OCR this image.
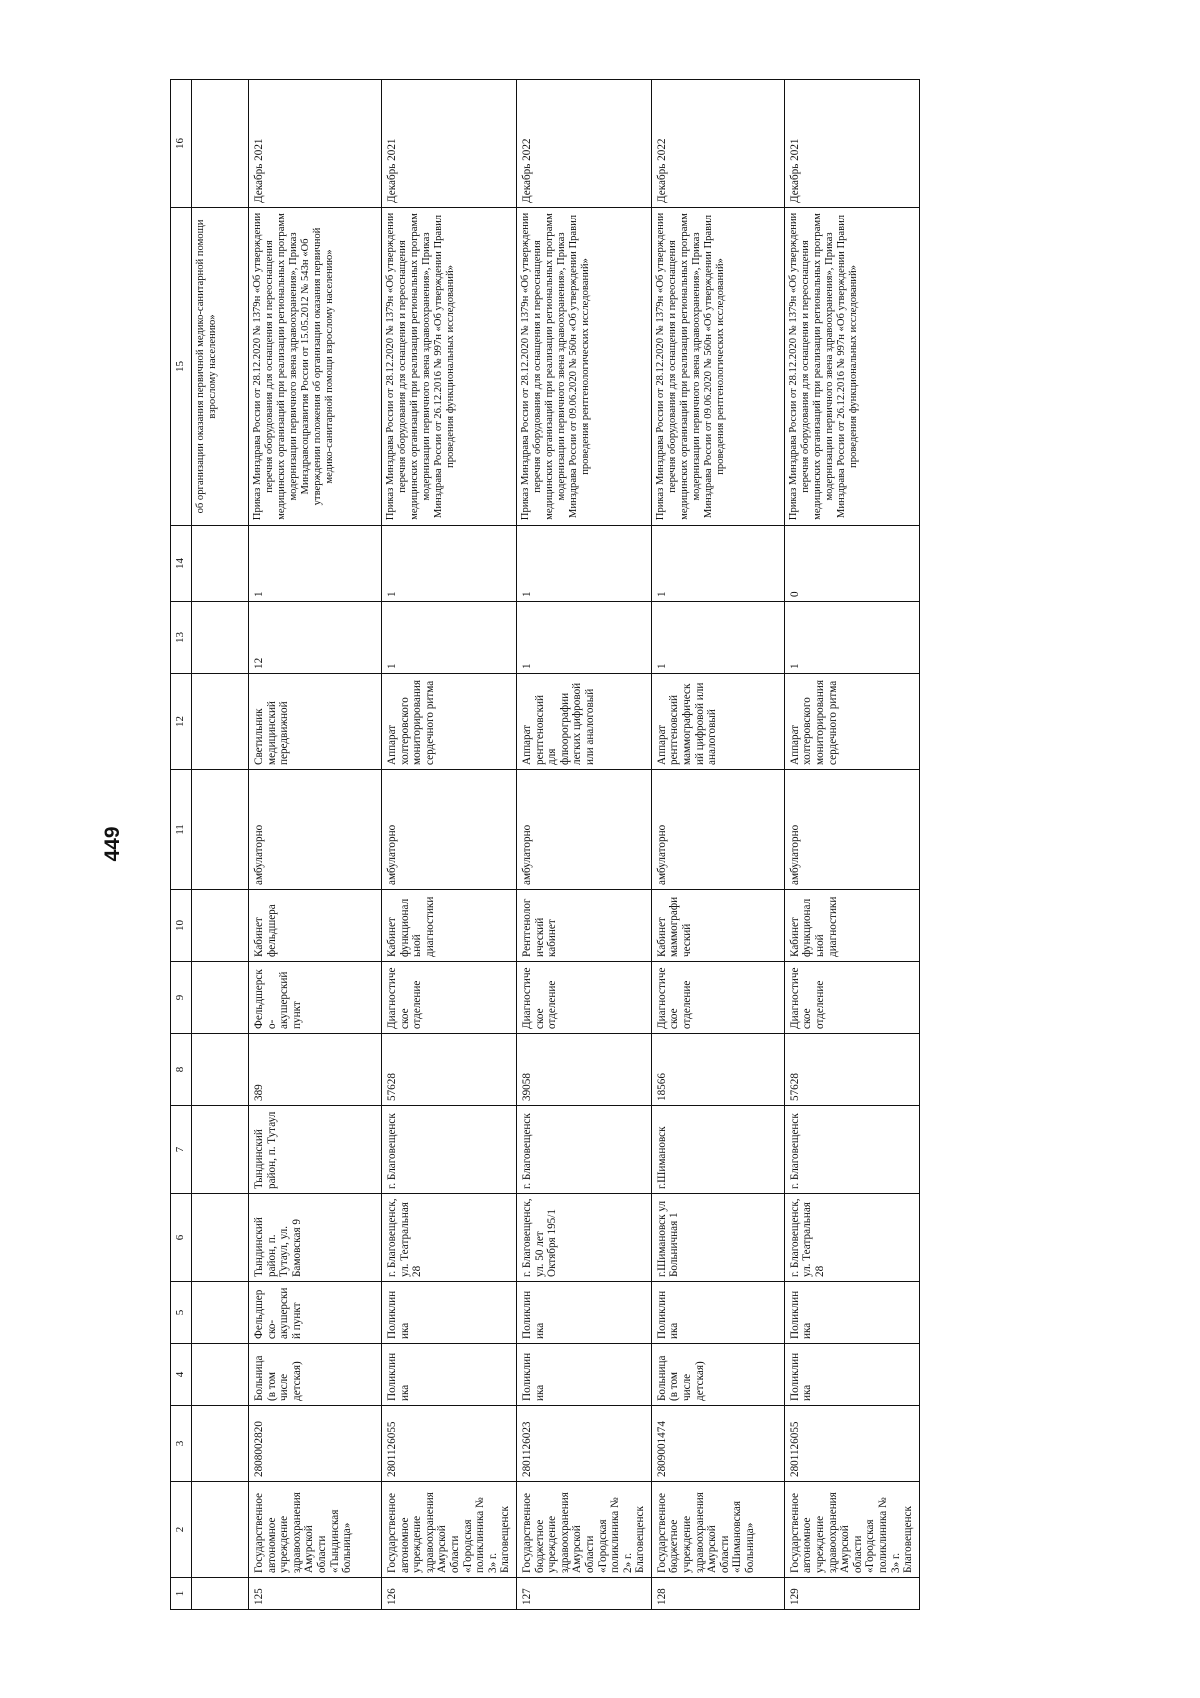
449
1	2	3	4	5	6	7	8	9	10	11	12	13	14	15	16
														об организации оказания первичной медико-санитарной помощи взрослому населению»	
125	Государственное автономное учреждение здравоохранения Амурской области «Тындинская больница»	2808002820	Больница (в том числе детская)	Фельдшерско-акушерский пункт	Тындинский район, п. Тутаул, ул. Бамовская 9	Тындинский район, п. Тутаул	389	Фельдшерско-акушерский пункт	Кабинет фельдшера	амбулаторно	Светильник медицинский передвижной	12	1	Приказ Минздрава России от 28.12.2020 № 1379н «Об утверждении перечня оборудования для оснащения и переоснащения медицинских организаций при реализации региональных программ модернизации первичного звена здравоохранения», Приказ Минздравсоцразвития России от 15.05.2012 № 543н «Об утверждении положения об организации оказания первичной медико-санитарной помощи взрослому населению»	Декабрь 2021
126	Государственное автономное учреждение здравоохранения Амурской области «Городская поликлиника № 3» г. Благовещенск	2801126055	Поликлиника	Поликлиника	г. Благовещенск, ул. Театральная 28	г. Благовещенск	57628	Диагностическое отделение	Кабинет функциональной диагностики	амбулаторно	Аппарат холтеровского мониторирования сердечного ритма	1	1	Приказ Минздрава России от 28.12.2020 № 1379н «Об утверждении перечня оборудования для оснащения и переоснащения медицинских организаций при реализации региональных программ модернизации первичного звена здравоохранения», Приказ Минздрава России от 26.12.2016 № 997н «Об утверждении Правил проведения функциональных исследований»	Декабрь 2021
127	Государственное бюджетное учреждение здравоохранения Амурской области «Городская поликлиника № 2» г. Благовещенск	2801126023	Поликлиника	Поликлиника	г. Благовещенск, ул. 50 лет Октября 195/1	г. Благовещенск	39058	Диагностическое отделение	Рентгенологический кабинет	амбулаторно	Аппарат рентгеновский для флюорографии легких цифровой или аналоговый	1	1	Приказ Минздрава России от 28.12.2020 № 1379н «Об утверждении перечня оборудования для оснащения и переоснащения медицинских организаций при реализации региональных программ модернизации первичного звена здравоохранения», Приказ Минздрава России от 09.06.2020 № 560н «Об утверждении Правил проведения рентгенологических исследований»	Декабрь 2022
128	Государственное бюджетное учреждение здравоохранения Амурской области «Шимановская больница»	2809001474	Больница (в том числе детская)	Поликлиника	г.Шимановск ул Больничная 1	г.Шимановск	18566	Диагностическое отделение	Кабинет маммографический	амбулаторно	Аппарат рентгеновский маммографический цифровой или аналоговый	1	1	Приказ Минздрава России от 28.12.2020 № 1379н «Об утверждении перечня оборудования для оснащения и переоснащения медицинских организаций при реализации региональных программ модернизации первичного звена здравоохранения», Приказ Минздрава России от 09.06.2020 № 560н «Об утверждении Правил проведения рентгенологических исследований»	Декабрь 2022
129	Государственное автономное учреждение здравоохранения Амурской области «Городская поликлиника № 3» г. Благовещенск	2801126055	Поликлиника	Поликлиника	г. Благовещенск, ул. Театральная 28	г. Благовещенск	57628	Диагностическое отделение	Кабинет функциональной диагностики	амбулаторно	Аппарат холтеровского мониторирования сердечного ритма	1	0	Приказ Минздрава России от 28.12.2020 № 1379н «Об утверждении перечня оборудования для оснащения и переоснащения медицинских организаций при реализации региональных программ модернизации первичного звена здравоохранения», Приказ Минздрава России от 26.12.2016 № 997н «Об утверждении Правил проведения функциональных исследований»	Декабрь 2021
